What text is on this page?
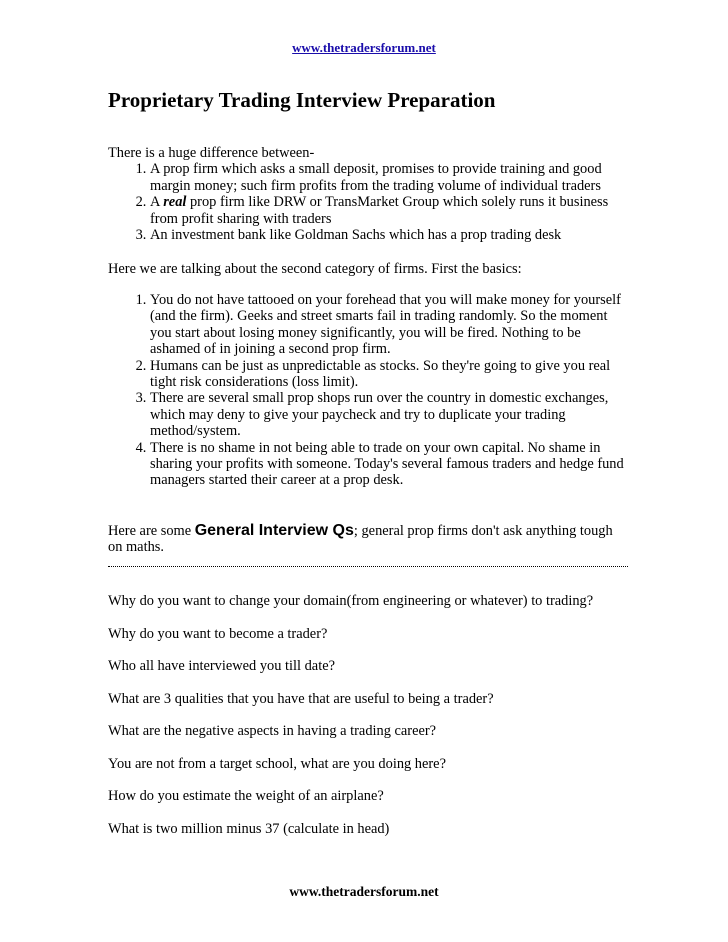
www.thetradersforum.net

Proprietary Trading Interview Preparation

There is a huge difference between-

1. A prop firm which asks a small deposit, promises to provide training and good margin money; such firm profits from the trading volume of individual traders
2. A real prop firm like DRW or TransMarket Group which solely runs it business from profit sharing with traders
3. An investment bank like Goldman Sachs which has a prop trading desk

Here we are talking about the second category of firms. First the basics:

1. You do not have tattooed on your forehead that you will make money for yourself (and the firm). Geeks and street smarts fail in trading randomly. So the moment you start about losing money significantly, you will be fired. Nothing to be ashamed of in joining a second prop firm.
2. Humans can be just as unpredictable as stocks. So they're going to give you real tight risk considerations (loss limit).
3. There are several small prop shops run over the country in domestic exchanges, which may deny to give your paycheck and try to duplicate your trading method/system.
4. There is no shame in not being able to trade on your own capital. No shame in sharing your profits with someone. Today's several famous traders and hedge fund managers started their career at a prop desk.

Here are some General Interview Qs; general prop firms don't ask anything tough on maths.

Why do you want to change your domain(from engineering or whatever) to trading?

Why do you want to become a trader?

Who all have interviewed you till date?

What are 3 qualities that you have that are useful to being a trader?

What are the negative aspects in having a trading career?

You are not from a target school, what are you doing here?

How do you estimate the weight of an airplane?

What is two million minus 37 (calculate in head)

www.thetradersforum.net
